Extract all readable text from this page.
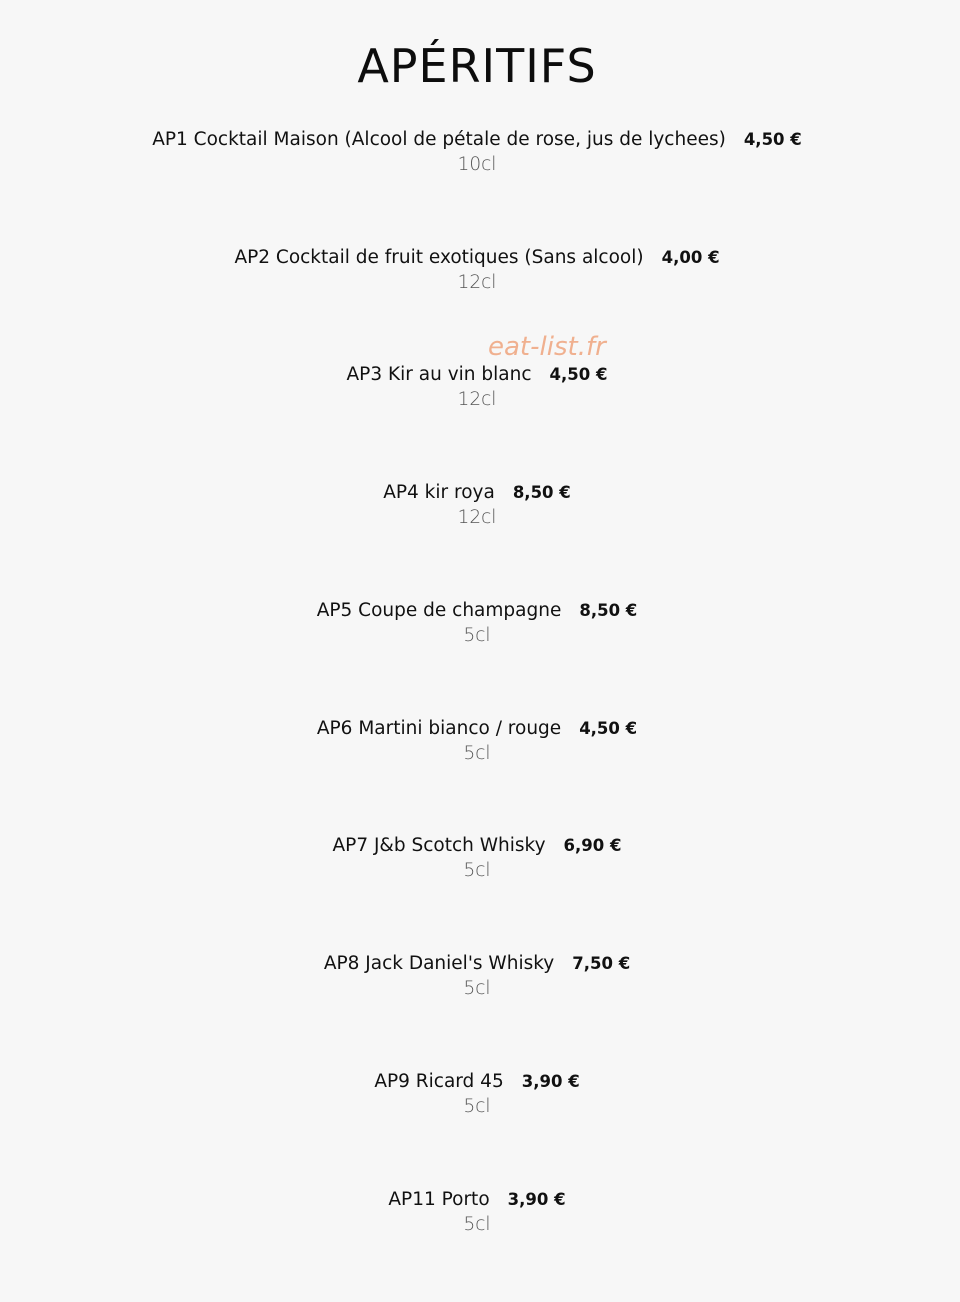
APÉRITIFS
eat-list.fr
AP1 Cocktail Maison (Alcool de pétale de rose, jus de lychees) 4,50 €
10cl
AP2 Cocktail de fruit exotiques (Sans alcool) 4,00 €
12cl
AP3 Kir au vin blanc 4,50 €
12cl
AP4 kir roya 8,50 €
12cl
AP5 Coupe de champagne 8,50 €
5cl
AP6 Martini bianco / rouge 4,50 €
5cl
AP7 J&b Scotch Whisky 6,90 €
5cl
AP8 Jack Daniel's Whisky 7,50 €
5cl
AP9 Ricard 45 3,90 €
5cl
AP11 Porto 3,90 €
5cl
